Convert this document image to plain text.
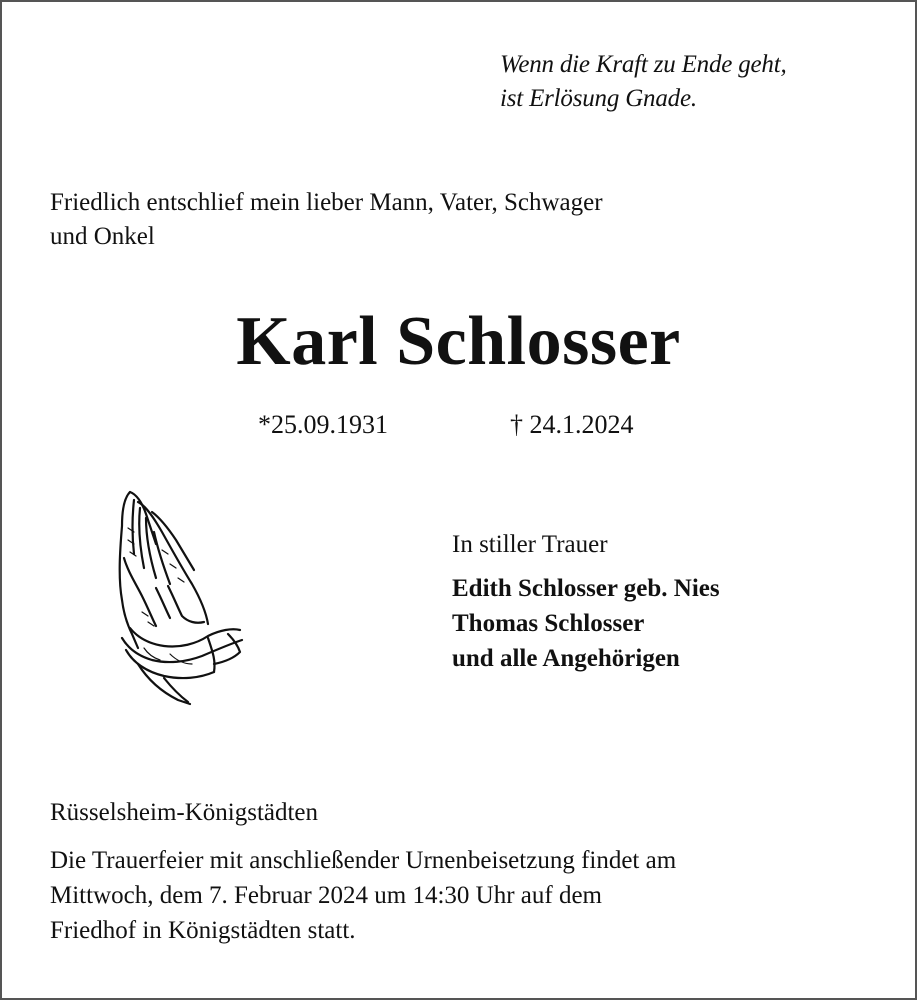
Wenn die Kraft zu Ende geht,
ist Erlösung Gnade.
Friedlich entschlief mein lieber Mann, Vater, Schwager
und Onkel
Karl Schlosser
*25.09.1931	† 24.1.2024
In stiller Trauer
Edith Schlosser geb. Nies
Thomas Schlosser
und alle Angehörigen
Rüsselsheim-Königstädten
Die Trauerfeier mit anschließender Urnenbeisetzung findet am
Mittwoch, dem 7. Februar 2024 um 14:30 Uhr auf dem
Friedhof in Königstädten statt.
